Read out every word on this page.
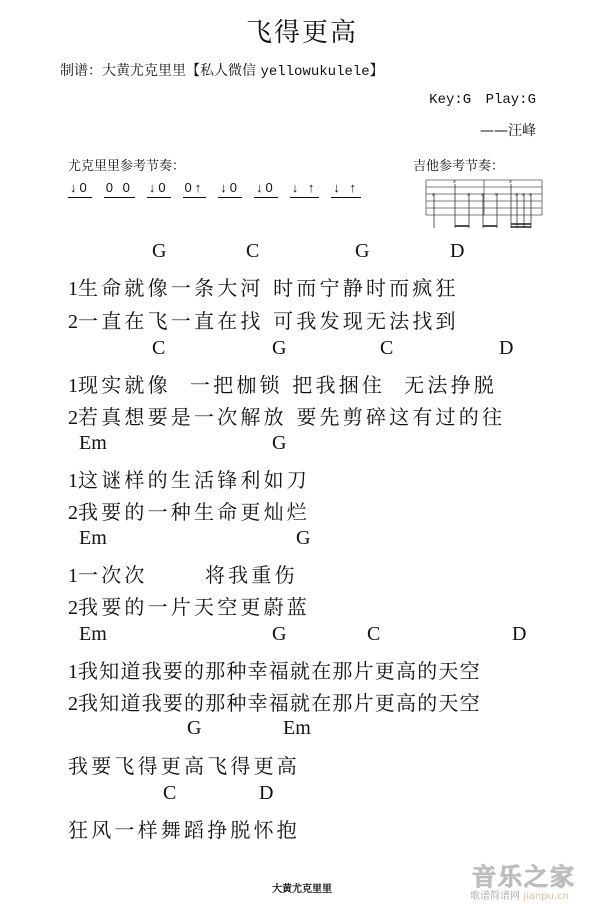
飞得更高
制谱：大黄尤克里里【私人微信 yellowukulele】
Key:G Play:G
——汪峰
尤克里里参考节奏：	吉他参考节奏：
↓0 0 0 ↓0 0↑ ↓0 ↓0 ↓ ↑ ↓ ↑	x	x
x	x x x	x x x
G	C	G	D
1生命就像一条大河 时而宁静时而疯狂
2一直在飞一直在找 可我发现无法找到
C	G	C	D
1现实就像  一把枷锁 把我捆住  无法挣脱
2若真想要是一次解放 要先剪碎这有过的往
Em	G
1这谜样的生活锋利如刀
2我要的一种生命更灿烂
Em	G
1一次次      将我重伤
2我要的一片天空更蔚蓝
Em	G	C	D
1我知道我要的那种幸福就在那片更高的天空
2我知道我要的那种幸福就在那片更高的天空
G	Em
我要飞得更高飞得更高
C	D
狂风一样舞蹈挣脱怀抱
大黄尤克里里	音乐之家
歌谱简谱网 jianpu.cn
